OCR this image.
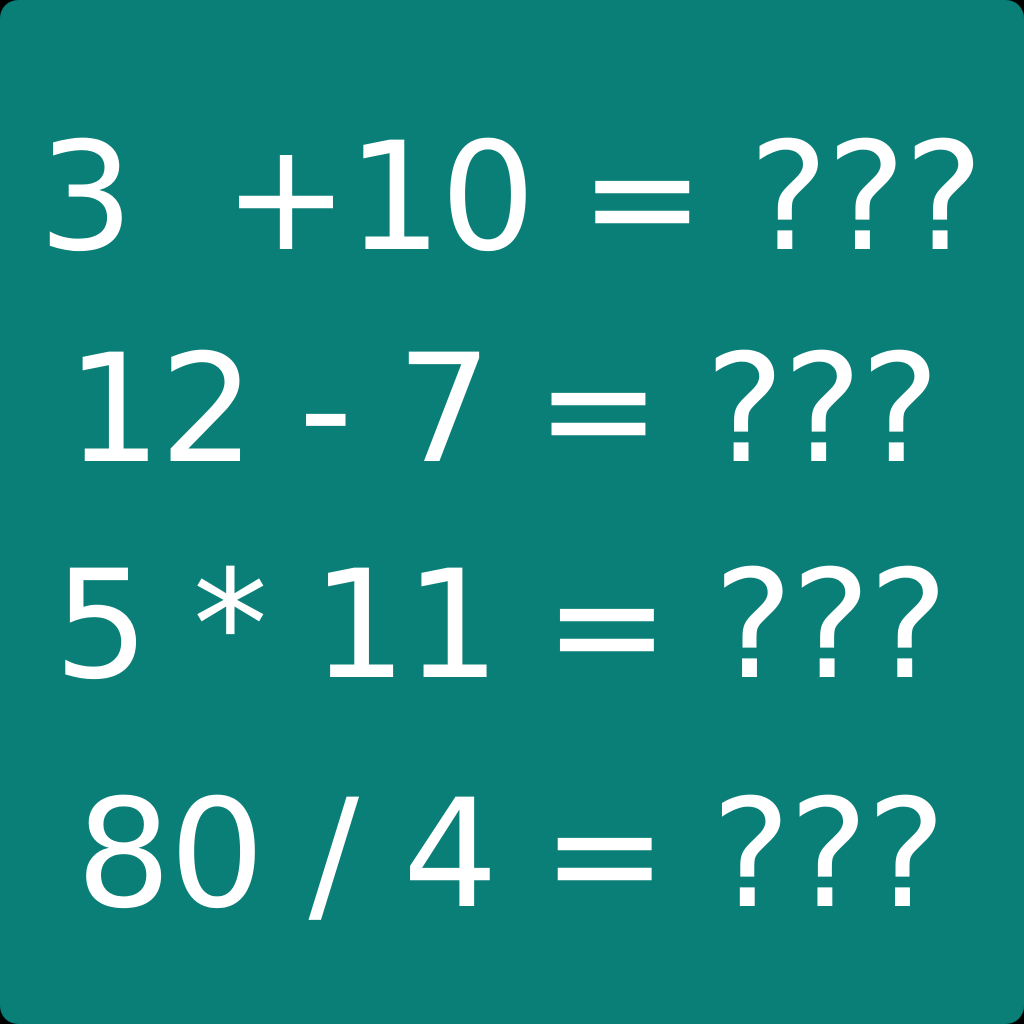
3  +10 = ???
12 - 7 = ???
5 * 11 = ???
80 / 4 = ???
